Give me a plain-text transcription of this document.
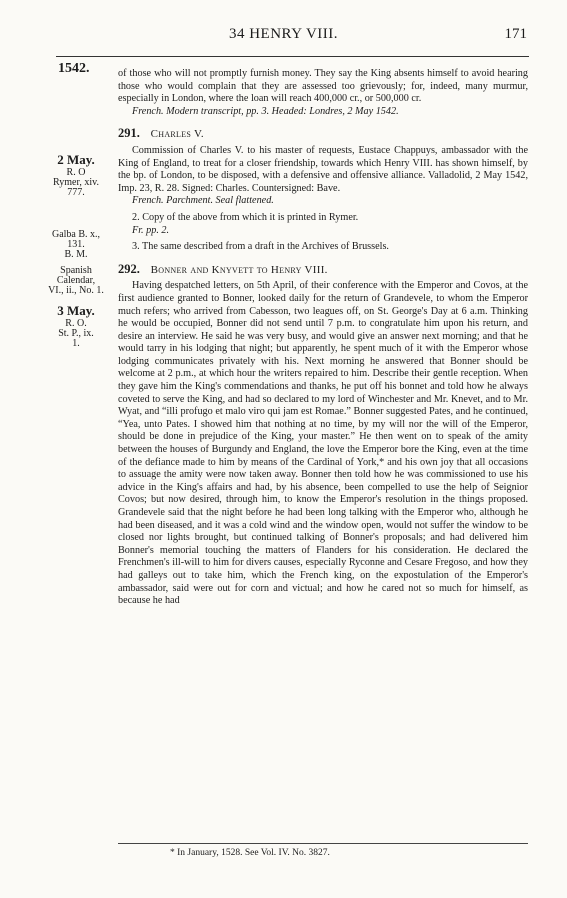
34 HENRY VIII.	171
1542.
2 May.
R. O
Rymer, xiv.
777.
Galba B. x.,
131.
B. M.
Spanish
Calendar,
VI., ii., No. 1.
3 May.
R. O.
St. P., ix.
1.

of those who will not promptly furnish money. They say the King absents himself to avoid hearing those who would complain that they are assessed too grievously; for, indeed, many murmur, especially in London, where the loan will reach 400,000 cr., or 500,000 cr.

French. Modern transcript, pp. 3. Headed: Londres, 2 May 1542.

291. Charles V.

Commission of Charles V. to his master of requests, Eustace Chappuys, ambassador with the King of England, to treat for a closer friendship, towards which Henry VIII. has shown himself, by the bp. of London, to be disposed, with a defensive and offensive alliance. Valladolid, 2 May 1542, Imp. 23, R. 28. Signed: Charles. Countersigned: Bave.

French. Parchment. Seal flattened.

2. Copy of the above from which it is printed in Rymer.

Fr. pp. 2.

3. The same described from a draft in the Archives of Brussels.

292. Bonner and Knyvett to Henry VIII.

Having despatched letters, on 5th April, of their conference with the Emperor and Covos, at the first audience granted to Bonner, looked daily for the return of Grandevele, to whom the Emperor much refers; who arrived from Cabesson, two leagues off, on St. George's Day at 6 a.m. Thinking he would be occupied, Bonner did not send until 7 p.m. to congratulate him upon his return, and desire an interview. He said he was very busy, and would give an answer next morning; and that he would tarry in his lodging that night; but apparently, he spent much of it with the Emperor whose lodging communicates privately with his. Next morning he answered that Bonner should be welcome at 2 p.m., at which hour the writers repaired to him. Describe their gentle reception. When they gave him the King's commendations and thanks, he put off his bonnet and told how he always coveted to serve the King, and had so declared to my lord of Winchester and Mr. Knevet, and to Mr. Wyat, and “illi profugo et malo viro qui jam est Romae.” Bonner suggested Pates, and he continued, “Yea, unto Pates. I showed him that nothing at no time, by my will nor the will of the Emperor, should be done in prejudice of the King, your master.” He then went on to speak of the amity between the houses of Burgundy and England, the love the Emperor bore the King, even at the time of the defiance made to him by means of the Cardinal of York,* and his own joy that all occasions to assuage the amity were now taken away. Bonner then told how he was commissioned to use his advice in the King's affairs and had, by his absence, been compelled to use the help of Seignior Covos; but now desired, through him, to know the Emperor's resolution in the things proposed. Grandevele said that the night before he had been long talking with the Emperor who, although he had been diseased, and it was a cold wind and the window open, would not suffer the window to be closed nor lights brought, but continued talking of Bonner's proposals; and had delivered him Bonner's memorial touching the matters of Flanders for his consideration. He declared the Frenchmen's ill-will to him for divers causes, especially Ryconne and Cesare Fregoso, and how they had galleys out to take him, which the French king, on the expostulation of the Emperor's ambassador, said were out for corn and victual; and how he cared not so much for himself, as because he had

* In January, 1528. See Vol. IV. No. 3827.
